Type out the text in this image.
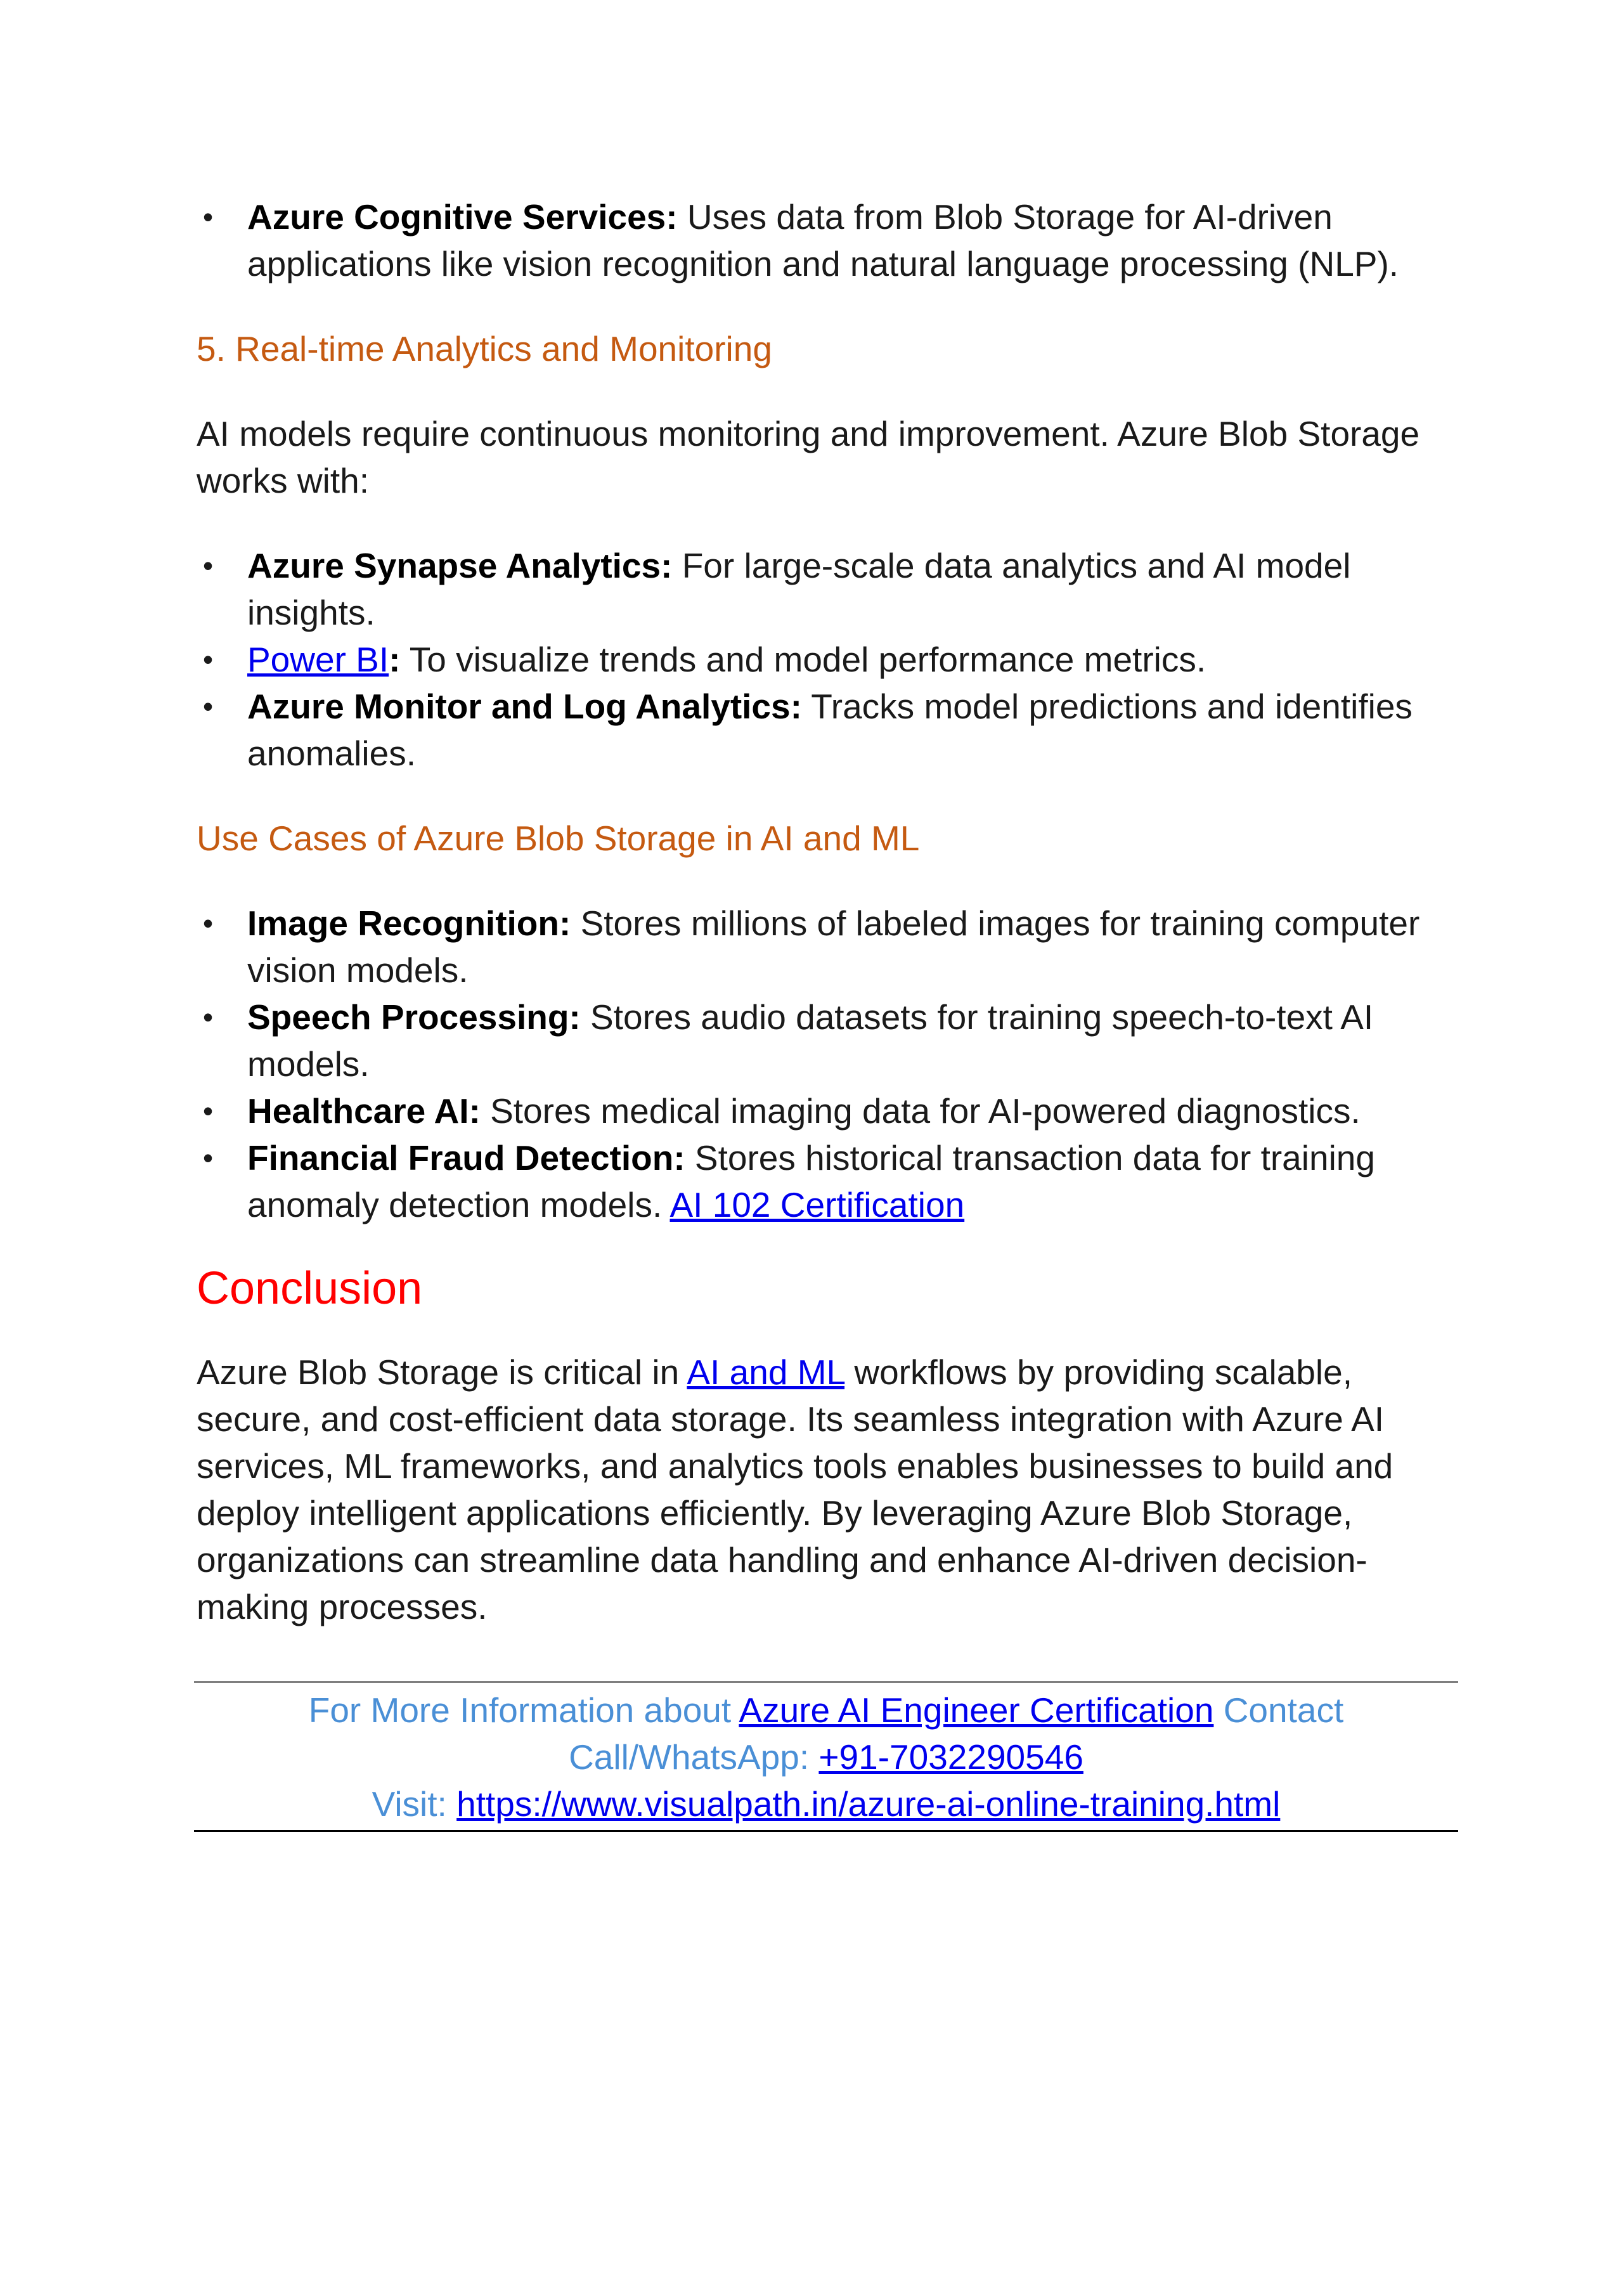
• Azure Cognitive Services: Uses data from Blob Storage for AI-driven applications like vision recognition and natural language processing (NLP).
5. Real-time Analytics and Monitoring
AI models require continuous monitoring and improvement. Azure Blob Storage works with:
• Azure Synapse Analytics: For large-scale data analytics and AI model insights.
• Power BI: To visualize trends and model performance metrics.
• Azure Monitor and Log Analytics: Tracks model predictions and identifies anomalies.
Use Cases of Azure Blob Storage in AI and ML
• Image Recognition: Stores millions of labeled images for training computer vision models.
• Speech Processing: Stores audio datasets for training speech-to-text AI models.
• Healthcare AI: Stores medical imaging data for AI-powered diagnostics.
• Financial Fraud Detection: Stores historical transaction data for training anomaly detection models. AI 102 Certification
Conclusion
Azure Blob Storage is critical in AI and ML workflows by providing scalable, secure, and cost-efficient data storage. Its seamless integration with Azure AI services, ML frameworks, and analytics tools enables businesses to build and deploy intelligent applications efficiently. By leveraging Azure Blob Storage, organizations can streamline data handling and enhance AI-driven decision-making processes.
For More Information about Azure AI Engineer Certification Contact
Call/WhatsApp: +91-7032290546
Visit: https://www.visualpath.in/azure-ai-online-training.html
